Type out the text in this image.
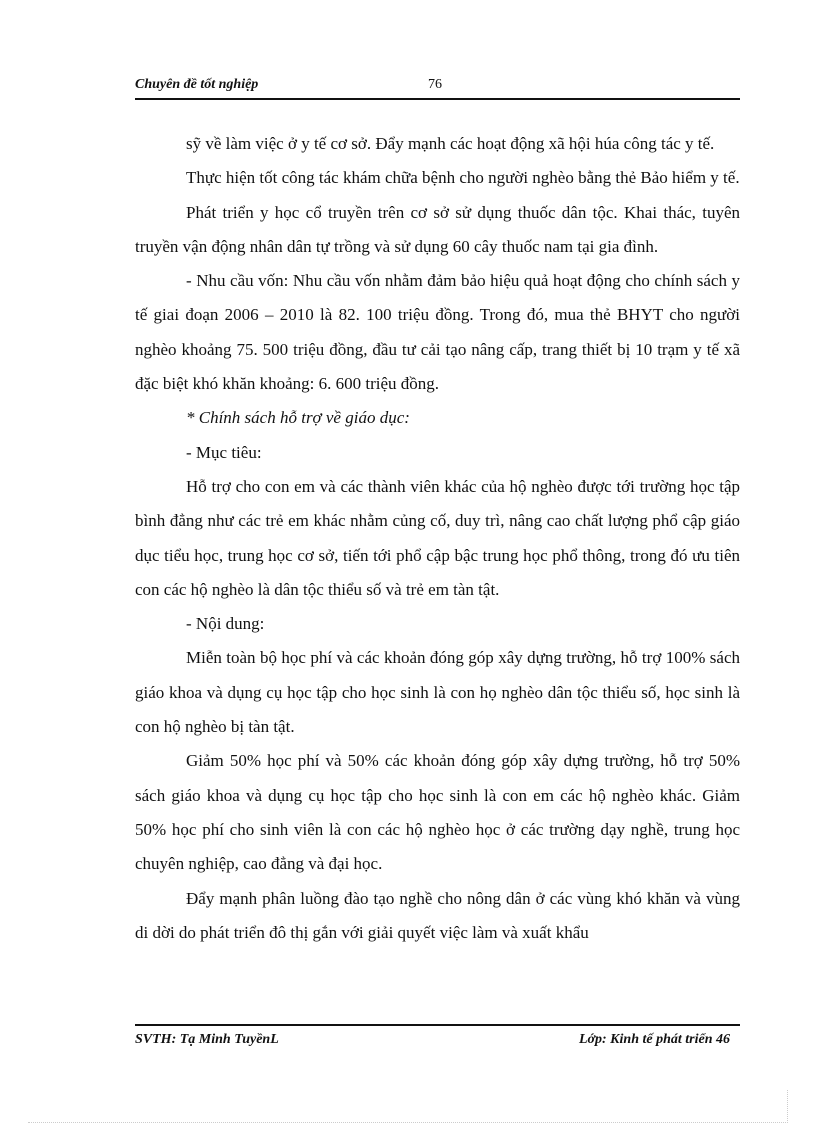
Chuyên đề tốt nghiệp	76

sỹ về làm việc ở y tế cơ sở. Đẩy mạnh các hoạt động xã hội húa công tác y tế.

Thực hiện tốt công tác khám chữa bệnh cho người nghèo bằng thẻ Bảo hiểm y tế.

Phát triển y học cổ truyền trên cơ sở sử dụng thuốc dân tộc. Khai thác, tuyên truyền vận động nhân dân tự trồng và sử dụng 60 cây thuốc nam tại gia đình.

- Nhu cầu vốn: Nhu cầu vốn nhằm đảm bảo hiệu quả hoạt động cho chính sách y tế giai đoạn 2006 – 2010 là 82. 100 triệu đồng. Trong đó, mua thẻ BHYT cho người nghèo khoảng 75. 500 triệu đồng, đầu tư cải tạo nâng cấp, trang thiết bị 10 trạm y tế xã đặc biệt khó khăn khoảng: 6. 600 triệu đồng.

* Chính sách hỗ trợ về giáo dục:

- Mục tiêu:

Hỗ trợ cho con em và các thành viên khác của hộ nghèo được tới trường học tập bình đẳng như các trẻ em khác nhằm củng cố, duy trì, nâng cao chất lượng phổ cập giáo dục tiểu học, trung học cơ sở, tiến tới phổ cập bậc trung học phổ thông, trong đó ưu tiên con các hộ nghèo là dân tộc thiểu số và trẻ em tàn tật.

- Nội dung:

Miễn toàn bộ học phí và các khoản đóng góp xây dựng trường, hỗ trợ 100% sách giáo khoa và dụng cụ học tập cho học sinh là con họ nghèo dân tộc thiểu số, học sinh là con hộ nghèo bị tàn tật.

Giảm 50% học phí và 50% các khoản đóng góp xây dựng trường, hỗ trợ 50% sách giáo khoa và dụng cụ học tập cho học sinh là con em các hộ nghèo khác. Giảm 50% học phí cho sinh viên là con các hộ nghèo học ở các trường dạy nghề, trung học chuyên nghiệp, cao đẳng và đại học.

Đẩy mạnh phân luồng đào tạo nghề cho nông dân ở các vùng khó khăn và vùng di dời do phát triển đô thị gắn với giải quyết việc làm và xuất khẩu

SVTH: Tạ Minh TuyềnL	Lớp: Kinh tế phát triển 46
